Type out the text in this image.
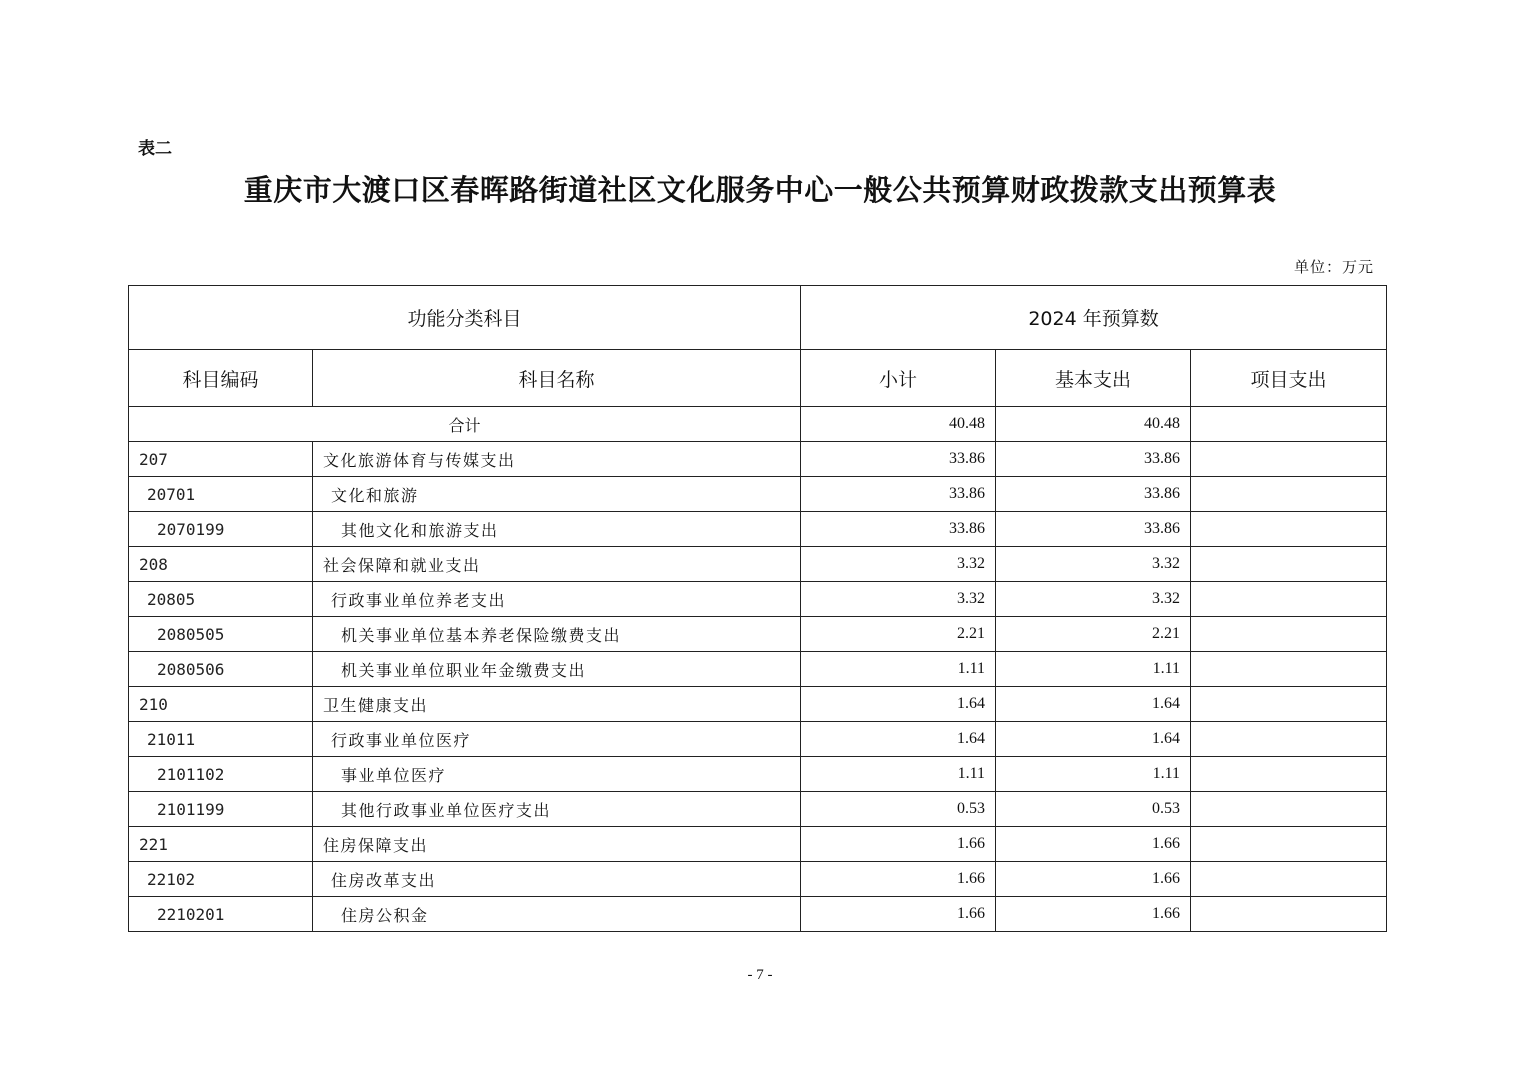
表二
重庆市大渡口区春晖路街道社区文化服务中心一般公共预算财政拨款支出预算表
单位：万元
功能分类科目		2024 年预算数		
科目编码	科目名称	小计	基本支出	项目支出
合计		40.48	40.48	
207	文化旅游体育与传媒支出	33.86	33.86	
20701	文化和旅游	33.86	33.86	
2070199	其他文化和旅游支出	33.86	33.86	
208	社会保障和就业支出	3.32	3.32	
20805	行政事业单位养老支出	3.32	3.32	
2080505	机关事业单位基本养老保险缴费支出	2.21	2.21	
2080506	机关事业单位职业年金缴费支出	1.11	1.11	
210	卫生健康支出	1.64	1.64	
21011	行政事业单位医疗	1.64	1.64	
2101102	事业单位医疗	1.11	1.11	
2101199	其他行政事业单位医疗支出	0.53	0.53	
221	住房保障支出	1.66	1.66	
22102	住房改革支出	1.66	1.66	
2210201	住房公积金	1.66	1.66	
- 7 -
